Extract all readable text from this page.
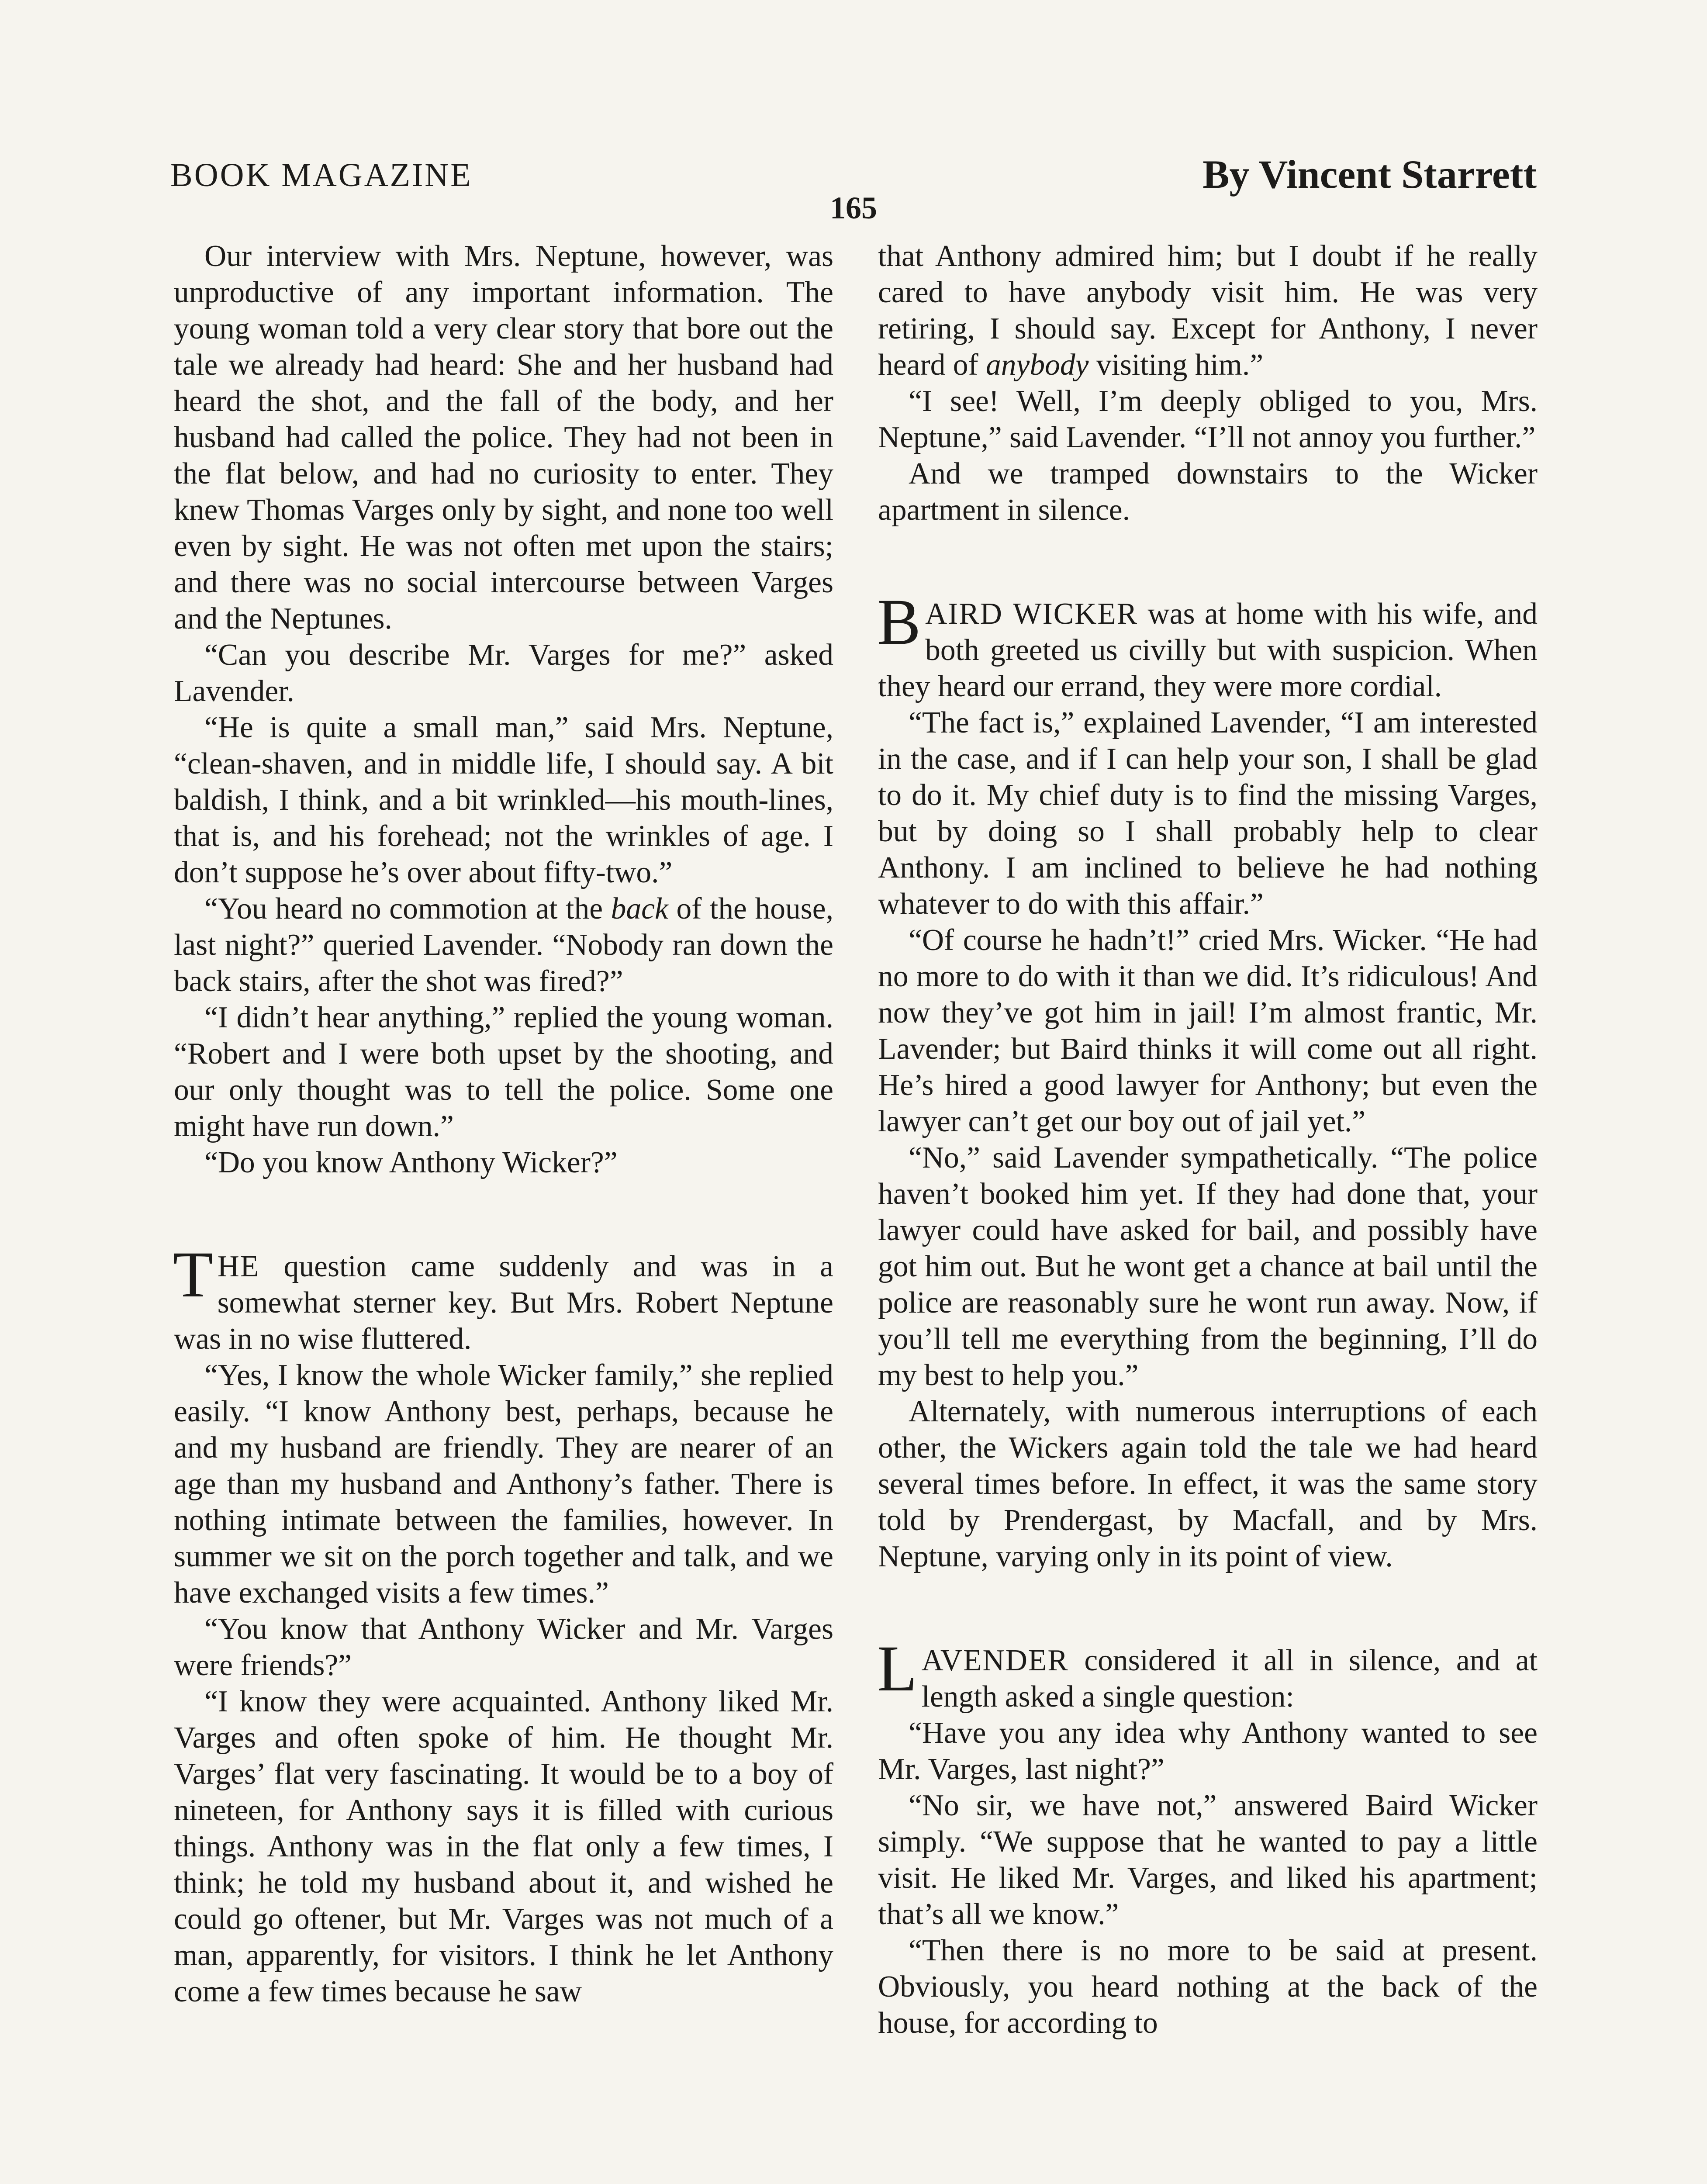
BOOK MAGAZINE	By Vincent Starrett
165

Our interview with Mrs. Neptune, however, was unproductive of any important information. The young woman told a very clear story that bore out the tale we already had heard: She and her husband had heard the shot, and the fall of the body, and her husband had called the police. They had not been in the flat below, and had no curiosity to enter. They knew Thomas Varges only by sight, and none too well even by sight. He was not often met upon the stairs; and there was no social intercourse between Varges and the Neptunes.

“Can you describe Mr. Varges for me?” asked Lavender.

“He is quite a small man,” said Mrs. Neptune, “clean-shaven, and in middle life, I should say. A bit baldish, I think, and a bit wrinkled—his mouth-lines, that is, and his forehead; not the wrinkles of age. I don’t suppose he’s over about fifty-two.”

“You heard no commotion at the back of the house, last night?” queried Lavender. “Nobody ran down the back stairs, after the shot was fired?”

“I didn’t hear anything,” replied the young woman. “Robert and I were both upset by the shooting, and our only thought was to tell the police. Some one might have run down.”

“Do you know Anthony Wicker?”

THE question came suddenly and was in a somewhat sterner key. But Mrs. Robert Neptune was in no wise fluttered.

“Yes, I know the whole Wicker family,” she replied easily. “I know Anthony best, perhaps, because he and my husband are friendly. They are nearer of an age than my husband and Anthony’s father. There is nothing intimate between the families, however. In summer we sit on the porch together and talk, and we have exchanged visits a few times.”

“You know that Anthony Wicker and Mr. Varges were friends?”

“I know they were acquainted. Anthony liked Mr. Varges and often spoke of him. He thought Mr. Varges’ flat very fascinating. It would be to a boy of nineteen, for Anthony says it is filled with curious things. Anthony was in the flat only a few times, I think; he told my husband about it, and wished he could go oftener, but Mr. Varges was not much of a man, apparently, for visitors. I think he let Anthony come a few times because he saw

that Anthony admired him; but I doubt if he really cared to have anybody visit him. He was very retiring, I should say. Except for Anthony, I never heard of anybody visiting him.”

“I see! Well, I’m deeply obliged to you, Mrs. Neptune,” said Lavender. “I’ll not annoy you further.”

And we tramped downstairs to the Wicker apartment in silence.

BAIRD WICKER was at home with his wife, and both greeted us civilly but with suspicion. When they heard our errand, they were more cordial.

“The fact is,” explained Lavender, “I am interested in the case, and if I can help your son, I shall be glad to do it. My chief duty is to find the missing Varges, but by doing so I shall probably help to clear Anthony. I am inclined to believe he had nothing whatever to do with this affair.”

“Of course he hadn’t!” cried Mrs. Wicker. “He had no more to do with it than we did. It’s ridiculous! And now they’ve got him in jail! I’m almost frantic, Mr. Lavender; but Baird thinks it will come out all right. He’s hired a good lawyer for Anthony; but even the lawyer can’t get our boy out of jail yet.”

“No,” said Lavender sympathetically. “The police haven’t booked him yet. If they had done that, your lawyer could have asked for bail, and possibly have got him out. But he wont get a chance at bail until the police are reasonably sure he wont run away. Now, if you’ll tell me everything from the beginning, I’ll do my best to help you.”

Alternately, with numerous interruptions of each other, the Wickers again told the tale we had heard several times before. In effect, it was the same story told by Prendergast, by Macfall, and by Mrs. Neptune, varying only in its point of view.

LAVENDER considered it all in silence, and at length asked a single question:

“Have you any idea why Anthony wanted to see Mr. Varges, last night?”

“No sir, we have not,” answered Baird Wicker simply. “We suppose that he wanted to pay a little visit. He liked Mr. Varges, and liked his apartment; that’s all we know.”

“Then there is no more to be said at present. Obviously, you heard nothing at the back of the house, for according to
